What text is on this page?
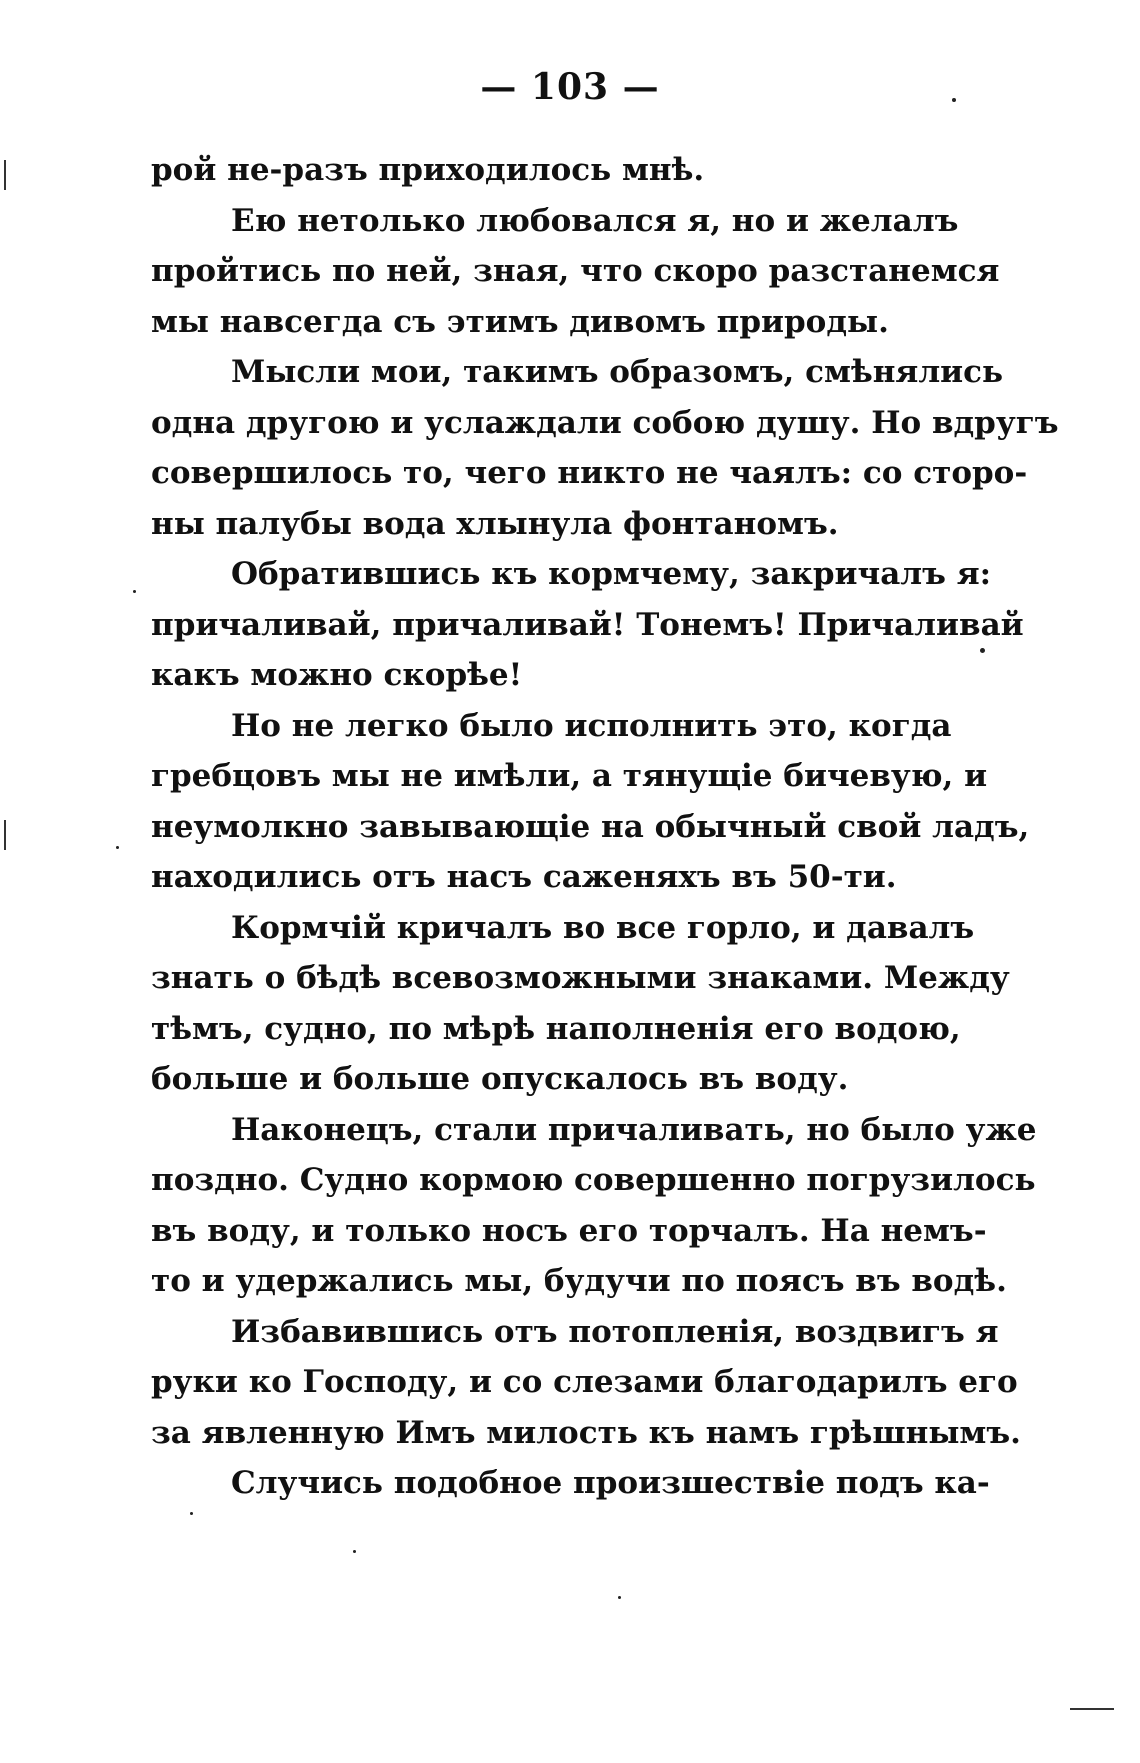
— 103 —
рой не-разъ приходилось мнѣ.
Ею нетолько любовался я, но и желалъ
пройтись по ней, зная, что скоро разстанемся
мы навсегда съ этимъ дивомъ природы.
Мысли мои, такимъ образомъ, смѣнялись
одна другою и услаждали собою душу. Но вдругъ
совершилось то, чего никто не чаялъ: со сторо-
ны палубы вода хлынула фонтаномъ.
Обратившись къ кормчему, закричалъ я:
причаливай, причаливай! Тонемъ! Причаливай
какъ можно скорѣе!
Но не легко было исполнить это, когда
гребцовъ мы не имѣли, а тянущіе бичевую, и
неумолкно завывающіе на обычный свой ладъ,
находились отъ насъ саженяхъ въ 50-ти.
Кормчій кричалъ во все горло, и давалъ
знать о бѣдѣ всевозможными знаками. Между
тѣмъ, судно, по мѣрѣ наполненія его водою,
больше и больше опускалось въ воду.
Наконецъ, стали причаливать, но было уже
поздно. Судно кормою совершенно погрузилось
въ воду, и только носъ его торчалъ. На немъ-
то и удержались мы, будучи по поясъ въ водѣ.
Избавившись отъ потопленія, воздвигъ я
руки ко Господу, и со слезами благодарилъ его
за явленную Имъ милость къ намъ грѣшнымъ.
Случись подобное произшествіе подъ ка-
